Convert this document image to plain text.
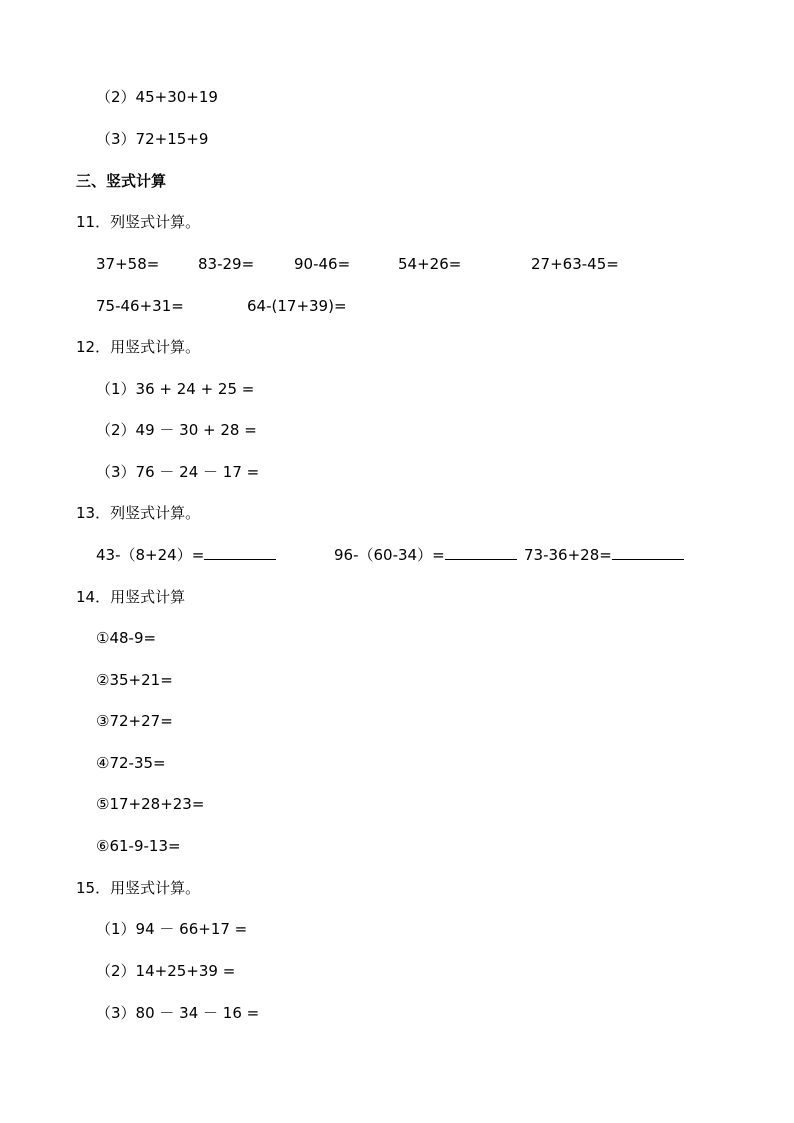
（2）45+30+19
（3）72+15+9
三、竖式计算
11．列竖式计算。
37+58=	83-29=	90-46=	54+26=	27+63-45=
75-46+31=	64-(17+39)=
12．用竖式计算。
（1）36 + 24 + 25 =
（2）49 － 30 + 28 =
（3）76 － 24 － 17 =
13．列竖式计算。
43-（8+24）=	96-（60-34）=	73-36+28=
14．用竖式计算
①48-9=
②35+21=
③72+27=
④72-35=
⑤17+28+23=
⑥61-9-13=
15．用竖式计算。
（1）94 － 66+17 =
（2）14+25+39 =
（3）80 － 34 － 16 =
